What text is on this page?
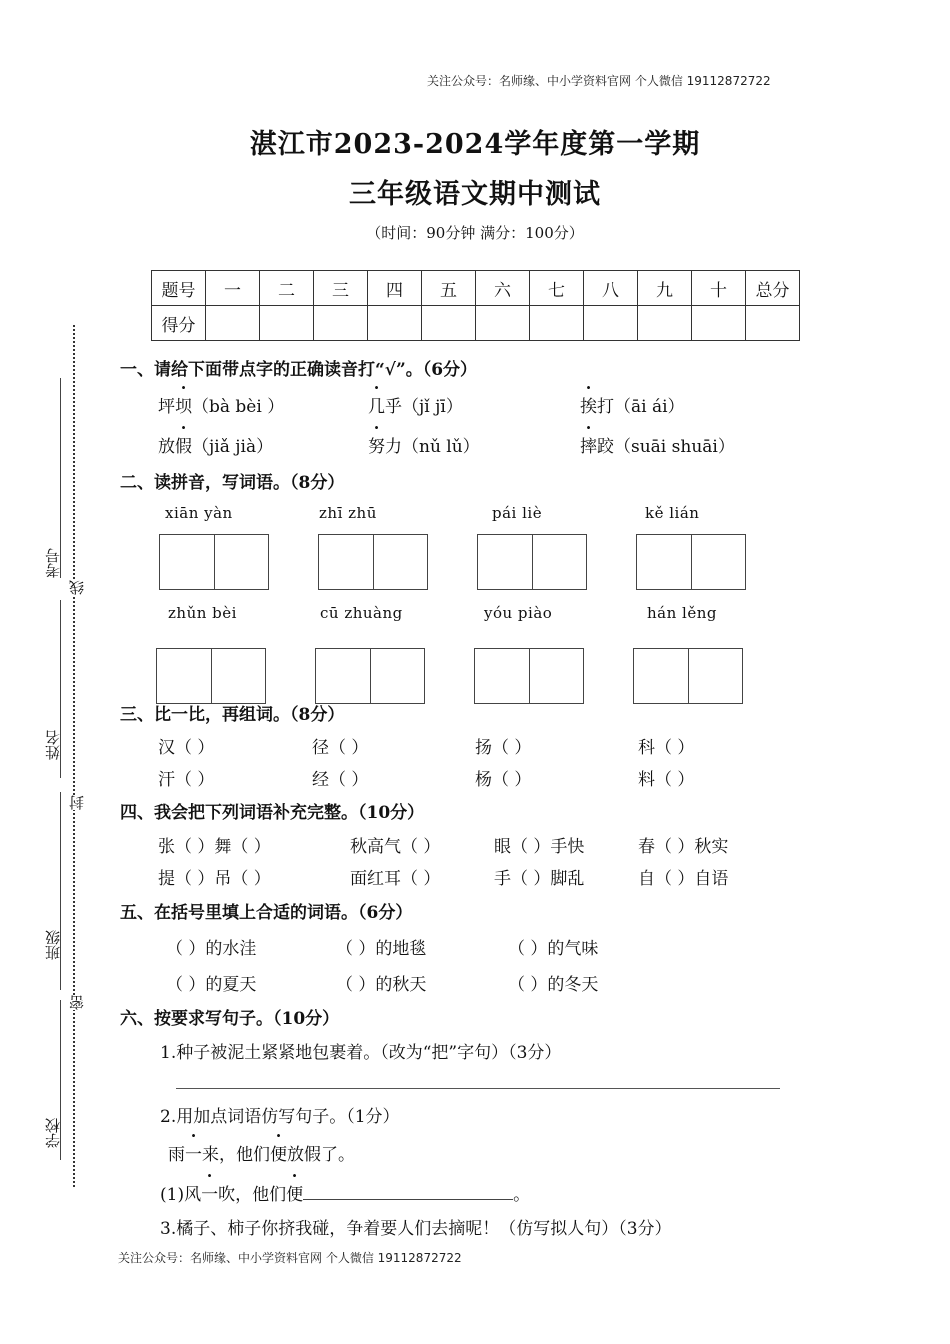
关注公众号：名师缘、中小学资料官网 个人微信 19112872722
湛江市2023-2024学年度第一学期
三年级语文期中测试
（时间：90分钟 满分：100分）
题号	一	二	三	四	五	六	七	八	九	十	总分
得分											
考号
姓名
班级
学校
线
封
密
一、请给下面带点字的正确读音打“√”。（6分）
坪坝（bà bèi ）	几乎（jǐ jī）	挨打（āi ái）
放假（jiǎ jià）	努力（nǔ lǔ）	摔跤（suāi shuāi）
二、读拼音，写词语。（8分）
xiān yàn	zhī zhū	pái liè	kě lián
zhǔn bèi	cū zhuàng	yóu piào	hán lěng
三、比一比，再组词。（8分）
汉（ ）	径（ ）	扬（ ）	科（ ）
汗（ ）	经（ ）	杨（ ）	料（ ）
四、我会把下列词语补充完整。（10分）
张（ ）舞（ ）	秋高气（ ）	眼（ ）手快	春（ ）秋实
提（ ）吊（ ）	面红耳（ ）	手（ ）脚乱	自（ ）自语
五、在括号里填上合适的词语。（6分）
（ ）的水洼	（ ）的地毯	（ ）的气味
（ ）的夏天	（ ）的秋天	（ ）的冬天
六、按要求写句子。（10分）
1.种子被泥土紧紧地包裹着。（改为“把”字句）（3分）
2.用加点词语仿写句子。（1分）
雨一来，他们便放假了。
(1)风一吹，他们便	。
3.橘子、柿子你挤我碰，争着要人们去摘呢！（仿写拟人句）（3分）
关注公众号：名师缘、中小学资料官网 个人微信 19112872722
